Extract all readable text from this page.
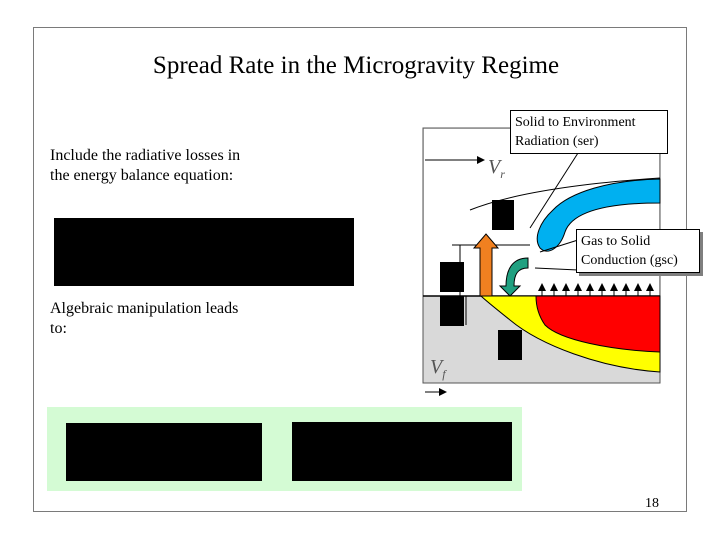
Spread Rate in the Microgravity Regime
Include the radiative losses in
the energy balance equation:
Algebraic manipulation leads
to:
$V_r$
$V_f$
Solid to Environment
Radiation (ser)
Gas to Solid
Conduction (gsc)
18
